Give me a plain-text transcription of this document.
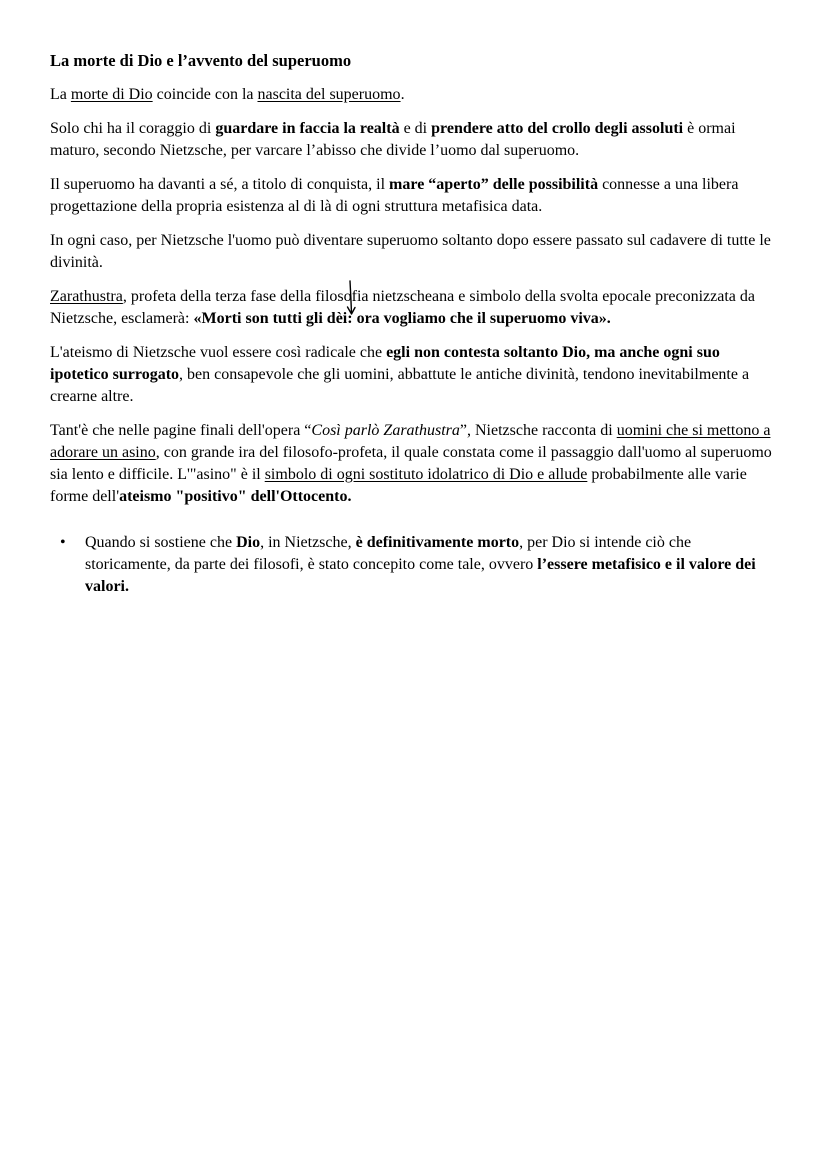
La morte di Dio e l’avvento del superuomo

La morte di Dio coincide con la nascita del superuomo.

Solo chi ha il coraggio di guardare in faccia la realtà e di prendere atto del crollo degli assoluti è ormai maturo, secondo Nietzsche, per varcare l’abisso che divide l’uomo dal superuomo.

Il superuomo ha davanti a sé, a titolo di conquista, il mare “aperto” delle possibilità connesse a una libera progettazione della propria esistenza al di là di ogni struttura metafisica data.

In ogni caso, per Nietzsche l'uomo può diventare superuomo soltanto dopo essere passato sul cadavere di tutte le divinità.

Zarathustra, profeta della terza fase della filosofia nietzscheana e simbolo della svolta epocale preconizzata da Nietzsche, esclamerà: «Morti son tutti gli dèi: ora vogliamo che il superuomo viva».

L'ateismo di Nietzsche vuol essere così radicale che egli non contesta soltanto Dio, ma anche ogni suo ipotetico surrogato, ben consapevole che gli uomini, abbattute le antiche divinità, tendono inevitabilmente a crearne altre.

Tant'è che nelle pagine finali dell'opera “Così parlò Zarathustra”, Nietzsche racconta di uomini che si mettono a adorare un asino, con grande ira del filosofo-profeta, il quale constata come il passaggio dall'uomo al superuomo sia lento e difficile. L'"asino" è il simbolo di ogni sostituto idolatrico di Dio e allude probabilmente alle varie forme dell'ateismo "positivo" dell'Ottocento.

• Quando si sostiene che Dio, in Nietzsche, è definitivamente morto, per Dio si intende ciò che storicamente, da parte dei filosofi, è stato concepito come tale, ovvero l’essere metafisico e il valore dei valori.
